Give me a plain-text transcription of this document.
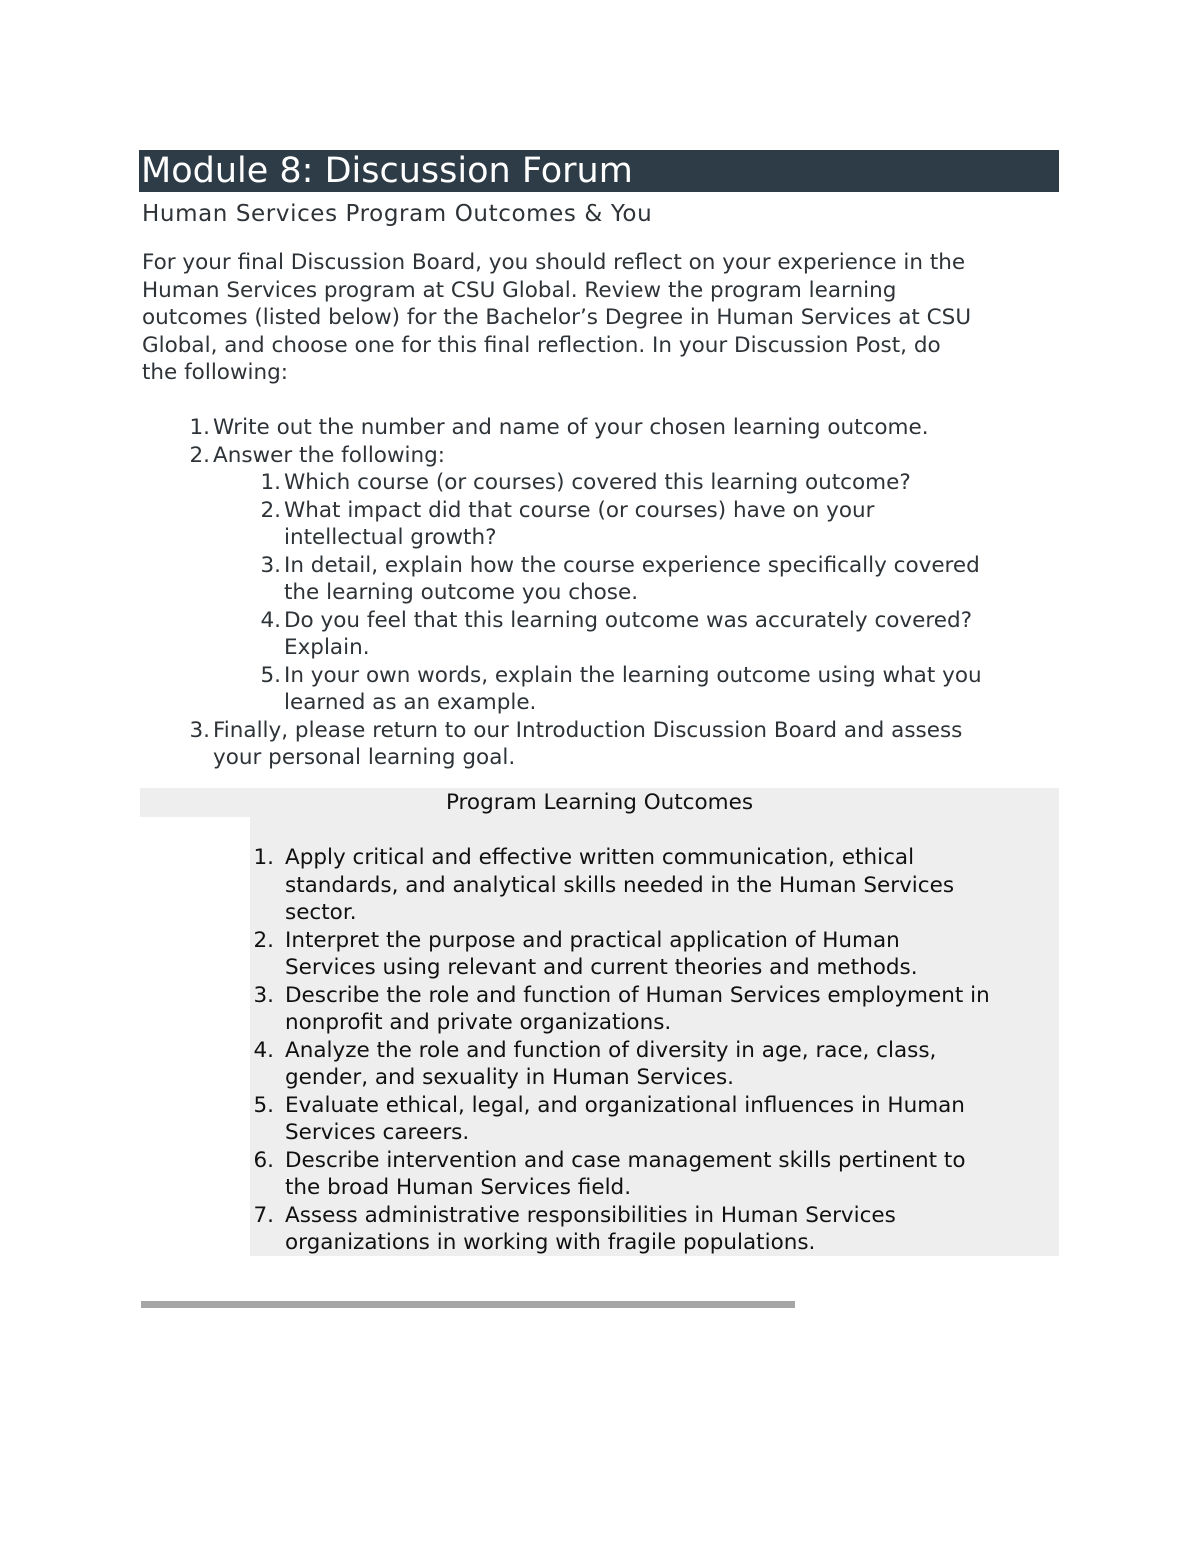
Module 8: Discussion Forum
Human Services Program Outcomes & You

For your final Discussion Board, you should reflect on your experience in the

Human Services program at CSU Global. Review the program learning

outcomes (listed below) for the Bachelor’s Degree in Human Services at CSU

Global, and choose one for this final reflection. In your Discussion Post, do

the following:

1. Write out the number and name of your chosen learning outcome.
2. Answer the following:
1. Which course (or courses) covered this learning outcome?
2. What impact did that course (or courses) have on your
intellectual growth?
3. In detail, explain how the course experience specifically covered
the learning outcome you chose.
4. Do you feel that this learning outcome was accurately covered?
Explain.
5. In your own words, explain the learning outcome using what you
learned as an example.
3. Finally, please return to our Introduction Discussion Board and assess
your personal learning goal.
Program Learning Outcomes
1. Apply critical and effective written communication, ethical
standards, and analytical skills needed in the Human Services
sector.
2. Interpret the purpose and practical application of Human
Services using relevant and current theories and methods.
3. Describe the role and function of Human Services employment in
nonprofit and private organizations.
4. Analyze the role and function of diversity in age, race, class,
gender, and sexuality in Human Services.
5. Evaluate ethical, legal, and organizational influences in Human
Services careers.
6. Describe intervention and case management skills pertinent to
the broad Human Services field.
7. Assess administrative responsibilities in Human Services
organizations in working with fragile populations.
